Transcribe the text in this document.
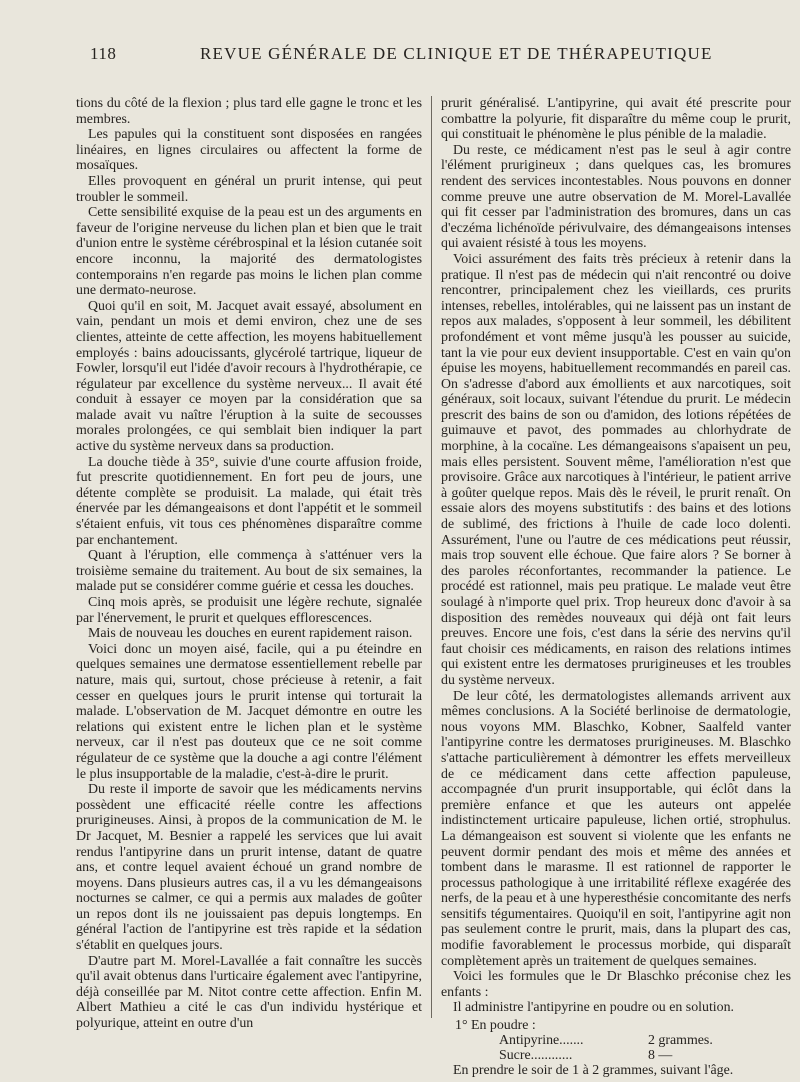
118	REVUE GÉNÉRALE DE CLINIQUE ET DE THÉRAPEUTIQUE

tions du côté de la flexion ; plus tard elle gagne le tronc et les membres.

Les papules qui la constituent sont disposées en rangées linéaires, en lignes circulaires ou affectent la forme de mosaïques.

Elles provoquent en général un prurit intense, qui peut troubler le sommeil.

Cette sensibilité exquise de la peau est un des arguments en faveur de l'origine nerveuse du lichen plan et bien que le trait d'union entre le système cérébrospinal et la lésion cutanée soit encore inconnu, la majorité des dermatologistes contemporains n'en regarde pas moins le lichen plan comme une dermato-neurose.

Quoi qu'il en soit, M. Jacquet avait essayé, absolument en vain, pendant un mois et demi environ, chez une de ses clientes, atteinte de cette affection, les moyens habituellement employés : bains adoucissants, glycérolé tartrique, liqueur de Fowler, lorsqu'il eut l'idée d'avoir recours à l'hydrothérapie, ce régulateur par excellence du système nerveux... Il avait été conduit à essayer ce moyen par la considération que sa malade avait vu naître l'éruption à la suite de secousses morales prolongées, ce qui semblait bien indiquer la part active du système nerveux dans sa production.

La douche tiède à 35°, suivie d'une courte affusion froide, fut prescrite quotidiennement. En fort peu de jours, une détente complète se produisit. La malade, qui était très énervée par les démangeaisons et dont l'appétit et le sommeil s'étaient enfuis, vit tous ces phénomènes disparaître comme par enchantement.

Quant à l'éruption, elle commença à s'atténuer vers la troisième semaine du traitement. Au bout de six semaines, la malade put se considérer comme guérie et cessa les douches.

Cinq mois après, se produisit une légère rechute, signalée par l'énervement, le prurit et quelques efflorescences.

Mais de nouveau les douches en eurent rapidement raison.

Voici donc un moyen aisé, facile, qui a pu éteindre en quelques semaines une dermatose essentiellement rebelle par nature, mais qui, surtout, chose précieuse à retenir, a fait cesser en quelques jours le prurit intense qui torturait la malade. L'observation de M. Jacquet démontre en outre les relations qui existent entre le lichen plan et le système nerveux, car il n'est pas douteux que ce ne soit comme régulateur de ce système que la douche a agi contre l'élément le plus insupportable de la maladie, c'est-à-dire le prurit.

Du reste il importe de savoir que les médicaments nervins possèdent une efficacité réelle contre les affections prurigineuses. Ainsi, à propos de la communication de M. le Dr Jacquet, M. Besnier a rappelé les services que lui avait rendus l'antipyrine dans un prurit intense, datant de quatre ans, et contre lequel avaient échoué un grand nombre de moyens. Dans plusieurs autres cas, il a vu les démangeaisons nocturnes se calmer, ce qui a permis aux malades de goûter un repos dont ils ne jouissaient pas depuis longtemps. En général l'action de l'antipyrine est très rapide et la sédation s'établit en quelques jours.

D'autre part M. Morel-Lavallée a fait connaître les succès qu'il avait obtenus dans l'urticaire également avec l'antipyrine, déjà conseillée par M. Nitot contre cette affection. Enfin M. Albert Mathieu a cité le cas d'un individu hystérique et polyurique, atteint en outre d'un

prurit généralisé. L'antipyrine, qui avait été prescrite pour combattre la polyurie, fit disparaître du même coup le prurit, qui constituait le phénomène le plus pénible de la maladie.

Du reste, ce médicament n'est pas le seul à agir contre l'élément prurigineux ; dans quelques cas, les bromures rendent des services incontestables. Nous pouvons en donner comme preuve une autre observation de M. Morel-Lavallée qui fit cesser par l'administration des bromures, dans un cas d'eczéma lichénoïde périvulvaire, des démangeaisons intenses qui avaient résisté à tous les moyens.

Voici assurément des faits très précieux à retenir dans la pratique. Il n'est pas de médecin qui n'ait rencontré ou doive rencontrer, principalement chez les vieillards, ces prurits intenses, rebelles, intolérables, qui ne laissent pas un instant de repos aux malades, s'opposent à leur sommeil, les débilitent profondément et vont même jusqu'à les pousser au suicide, tant la vie pour eux devient insupportable. C'est en vain qu'on épuise les moyens, habituellement recommandés en pareil cas. On s'adresse d'abord aux émollients et aux narcotiques, soit généraux, soit locaux, suivant l'étendue du prurit. Le médecin prescrit des bains de son ou d'amidon, des lotions répétées de guimauve et pavot, des pommades au chlorhydrate de morphine, à la cocaïne. Les démangeaisons s'apaisent un peu, mais elles persistent. Souvent même, l'amélioration n'est que provisoire. Grâce aux narcotiques à l'intérieur, le patient arrive à goûter quelque repos. Mais dès le réveil, le prurit renaît. On essaie alors des moyens substitutifs : des bains et des lotions de sublimé, des frictions à l'huile de cade loco dolenti. Assurément, l'une ou l'autre de ces médications peut réussir, mais trop souvent elle échoue. Que faire alors ? Se borner à des paroles réconfortantes, recommander la patience. Le procédé est rationnel, mais peu pratique. Le malade veut être soulagé à n'importe quel prix. Trop heureux donc d'avoir à sa disposition des remèdes nouveaux qui déjà ont fait leurs preuves. Encore une fois, c'est dans la série des nervins qu'il faut choisir ces médicaments, en raison des relations intimes qui existent entre les dermatoses prurigineuses et les troubles du système nerveux.

De leur côté, les dermatologistes allemands arrivent aux mêmes conclusions. A la Société berlinoise de dermatologie, nous voyons MM. Blaschko, Kobner, Saalfeld vanter l'antipyrine contre les dermatoses prurigineuses. M. Blaschko s'attache particulièrement à démontrer les effets merveilleux de ce médicament dans cette affection papuleuse, accompagnée d'un prurit insupportable, qui éclôt dans la première enfance et que les auteurs ont appelée indistinctement urticaire papuleuse, lichen ortié, strophulus. La démangeaison est souvent si violente que les enfants ne peuvent dormir pendant des mois et même des années et tombent dans le marasme. Il est rationnel de rapporter le processus pathologique à une irritabilité réflexe exagérée des nerfs, de la peau et à une hyperesthésie concomitante des nerfs sensitifs tégumentaires. Quoiqu'il en soit, l'antipyrine agit non pas seulement contre le prurit, mais, dans la plupart des cas, modifie favorablement le processus morbide, qui disparaît complètement après un traitement de quelques semaines.

Voici les formules que le Dr Blaschko préconise chez les enfants :

Il administre l'antipyrine en poudre ou en solution.

1° En poudre :
Antipyrine.......	2 grammes.
Sucre............	8 —
En prendre le soir de 1 à 2 grammes, suivant l'âge.
